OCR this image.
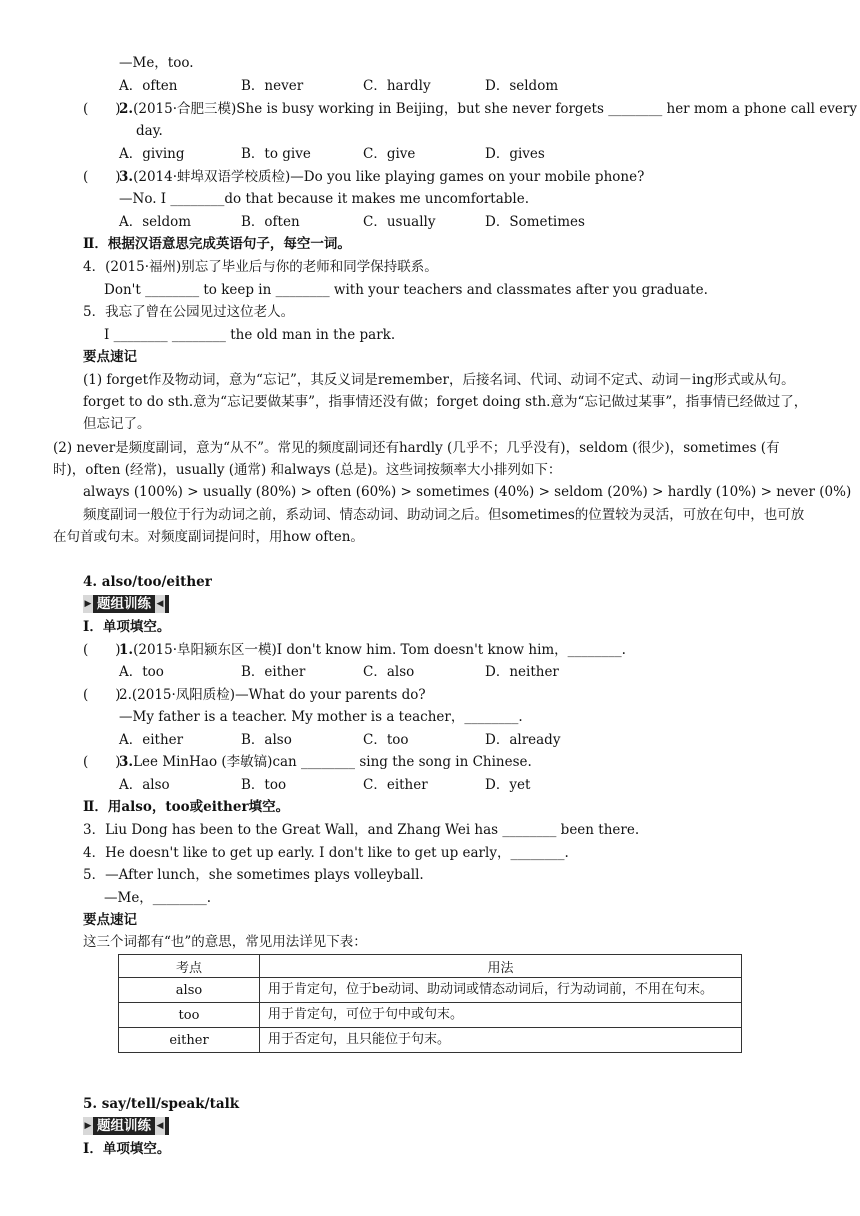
—Me，too.
A．often	B．never	C．hardly	D．seldom
(　　)2.(2015·合肥三模)She is busy working in Beijing，but she never forgets ________ her mom a phone call every
day.
A．giving	B．to give	C．give	D．gives
(　　)3.(2014·蚌埠双语学校质检)—Do you like playing games on your mobile phone?
—No. I ________do that because it makes me uncomfortable.
A．seldom	B．often	C．usually	D．Sometimes
Ⅱ．根据汉语意思完成英语句子，每空一词。
4．(2015·福州)别忘了毕业后与你的老师和同学保持联系。
Don't ________ to keep in ________ with your teachers and classmates after you graduate.
5．我忘了曾在公园见过这位老人。
I ________ ________ the old man in the park.
要点速记
(1) forget作及物动词，意为“忘记”，其反义词是remember，后接名词、代词、动词不定式、动词－ing形式或从句。forget to do sth.意为“忘记要做某事”，指事情还没有做；forget doing sth.意为“忘记做过某事”，指事情已经做过了，但忘记了。
(2) never是频度副词，意为“从不”。常见的频度副词还有hardly (几乎不；几乎没有)，seldom (很少)，sometimes (有时)，often (经常)，usually (通常) 和always (总是)。这些词按频率大小排列如下：
always (100%) > usually (80%) > often (60%) > sometimes (40%) > seldom (20%) > hardly (10%) > never (0%)
频度副词一般位于行为动词之前，系动词、情态动词、助动词之后。但sometimes的位置较为灵活，可放在句中，也可放在句首或句末。对频度副词提问时，用how often。
4. also/too/either
▶ 题组训练 ◀
Ⅰ．单项填空。
(　　)1.(2015·阜阳颍东区一模)I don't know him. Tom doesn't know him，________.
A．too	B．either	C．also	D．neither
(　　)2.(2015·凤阳质检)—What do your parents do?
—My father is a teacher. My mother is a teacher，________.
A．either	B．also	C．too	D．already
(　　)3.Lee MinHao (李敏镐)can ________ sing the song in Chinese.
A．also	B．too	C．either	D．yet
Ⅱ．用also，too或either填空。
3．Liu Dong has been to the Great Wall，and Zhang Wei has ________ been there.
4．He doesn't like to get up early. I don't like to get up early，________.
5．—After lunch，she sometimes plays volleyball.
—Me，________.
要点速记
这三个词都有“也”的意思，常见用法详见下表：
考点	用法
also	用于肯定句，位于be动词、助动词或情态动词后，行为动词前，不用在句末。
too	用于肯定句，可位于句中或句末。
either	用于否定句，且只能位于句末。
5. say/tell/speak/talk
▶ 题组训练 ◀
Ⅰ．单项填空。
